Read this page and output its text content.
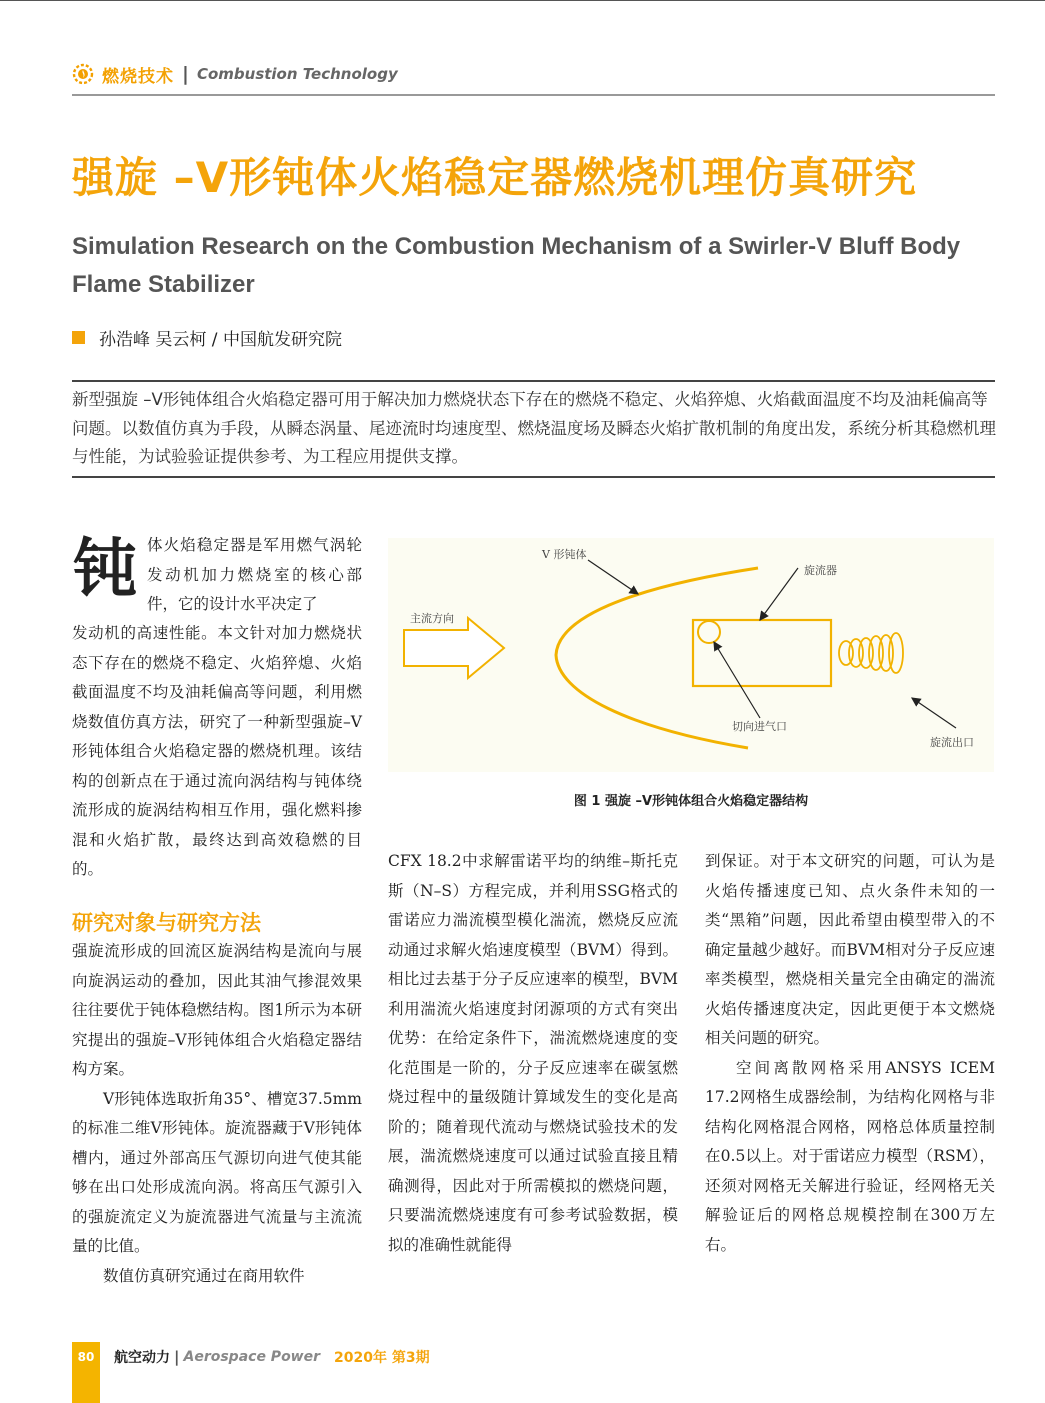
燃烧技术 | Combustion Technology
强旋 –V形钝体火焰稳定器燃烧机理仿真研究
Simulation Research on the Combustion Mechanism of a Swirler-V Bluff Body Flame Stabilizer
孙浩峰 吴云柯 / 中国航发研究院
新型强旋 –V形钝体组合火焰稳定器可用于解决加力燃烧状态下存在的燃烧不稳定、火焰猝熄、火焰截面温度不均及油耗偏高等问题。以数值仿真为手段，从瞬态涡量、尾迹流时均速度型、燃烧温度场及瞬态火焰扩散机制的角度出发，系统分析其稳燃机理与性能，为试验验证提供参考、为工程应用提供支撑。
钝 体火焰稳定器是军用燃气涡轮发动机加力燃烧室的核心部件，它的设计水平决定了
发动机的高速性能。本文针对加力燃烧状态下存在的燃烧不稳定、火焰猝熄、火焰截面温度不均及油耗偏高等问题，利用燃烧数值仿真方法，研究了一种新型强旋–V形钝体组合火焰稳定器的燃烧机理。该结构的创新点在于通过流向涡结构与钝体绕流形成的旋涡结构相互作用，强化燃料掺混和火焰扩散，最终达到高效稳燃的目的。
研究对象与研究方法

强旋流形成的回流区旋涡结构是流向与展向旋涡运动的叠加，因此其油气掺混效果往往要优于钝体稳燃结构。图1所示为本研究提出的强旋–V形钝体组合火焰稳定器结构方案。

V形钝体选取折角35°、槽宽37.5mm的标准二维V形钝体。旋流器藏于V形钝体槽内，通过外部高压气源切向进气使其能够在出口处形成流向涡。将高压气源引入的强旋流定义为旋流器进气流量与主流流量的比值。

数值仿真研究通过在商用软件

V 形钝体
旋流器
主流方向
切向进气口
旋流出口
图 1 强旋 –V形钝体组合火焰稳定器结构

CFX 18.2中求解雷诺平均的纳维–斯托克斯（N–S）方程完成，并利用SSG格式的雷诺应力湍流模型模化湍流，燃烧反应流动通过求解火焰速度模型（BVM）得到。相比过去基于分子反应速率的模型，BVM利用湍流火焰速度封闭源项的方式有突出优势：在给定条件下，湍流燃烧速度的变化范围是一阶的，分子反应速率在碳氢燃烧过程中的量级随计算域发生的变化是高阶的；随着现代流动与燃烧试验技术的发展，湍流燃烧速度可以通过试验直接且精确测得，因此对于所需模拟的燃烧问题，只要湍流燃烧速度有可参考试验数据，模拟的准确性就能得

到保证。对于本文研究的问题，可认为是火焰传播速度已知、点火条件未知的一类“黑箱”问题，因此希望由模型带入的不确定量越少越好。而BVM相对分子反应速率类模型，燃烧相关量完全由确定的湍流火焰传播速度决定，因此更便于本文燃烧相关问题的研究。

空间离散网格采用ANSYS ICEM 17.2网格生成器绘制，为结构化网格与非结构化网格混合网格，网格总体质量控制在0.5以上。对于雷诺应力模型（RSM），还须对网格无关解进行验证，经网格无关解验证后的网格总规模控制在300万左右。

80	航空动力 | Aerospace Power 2020年 第3期
